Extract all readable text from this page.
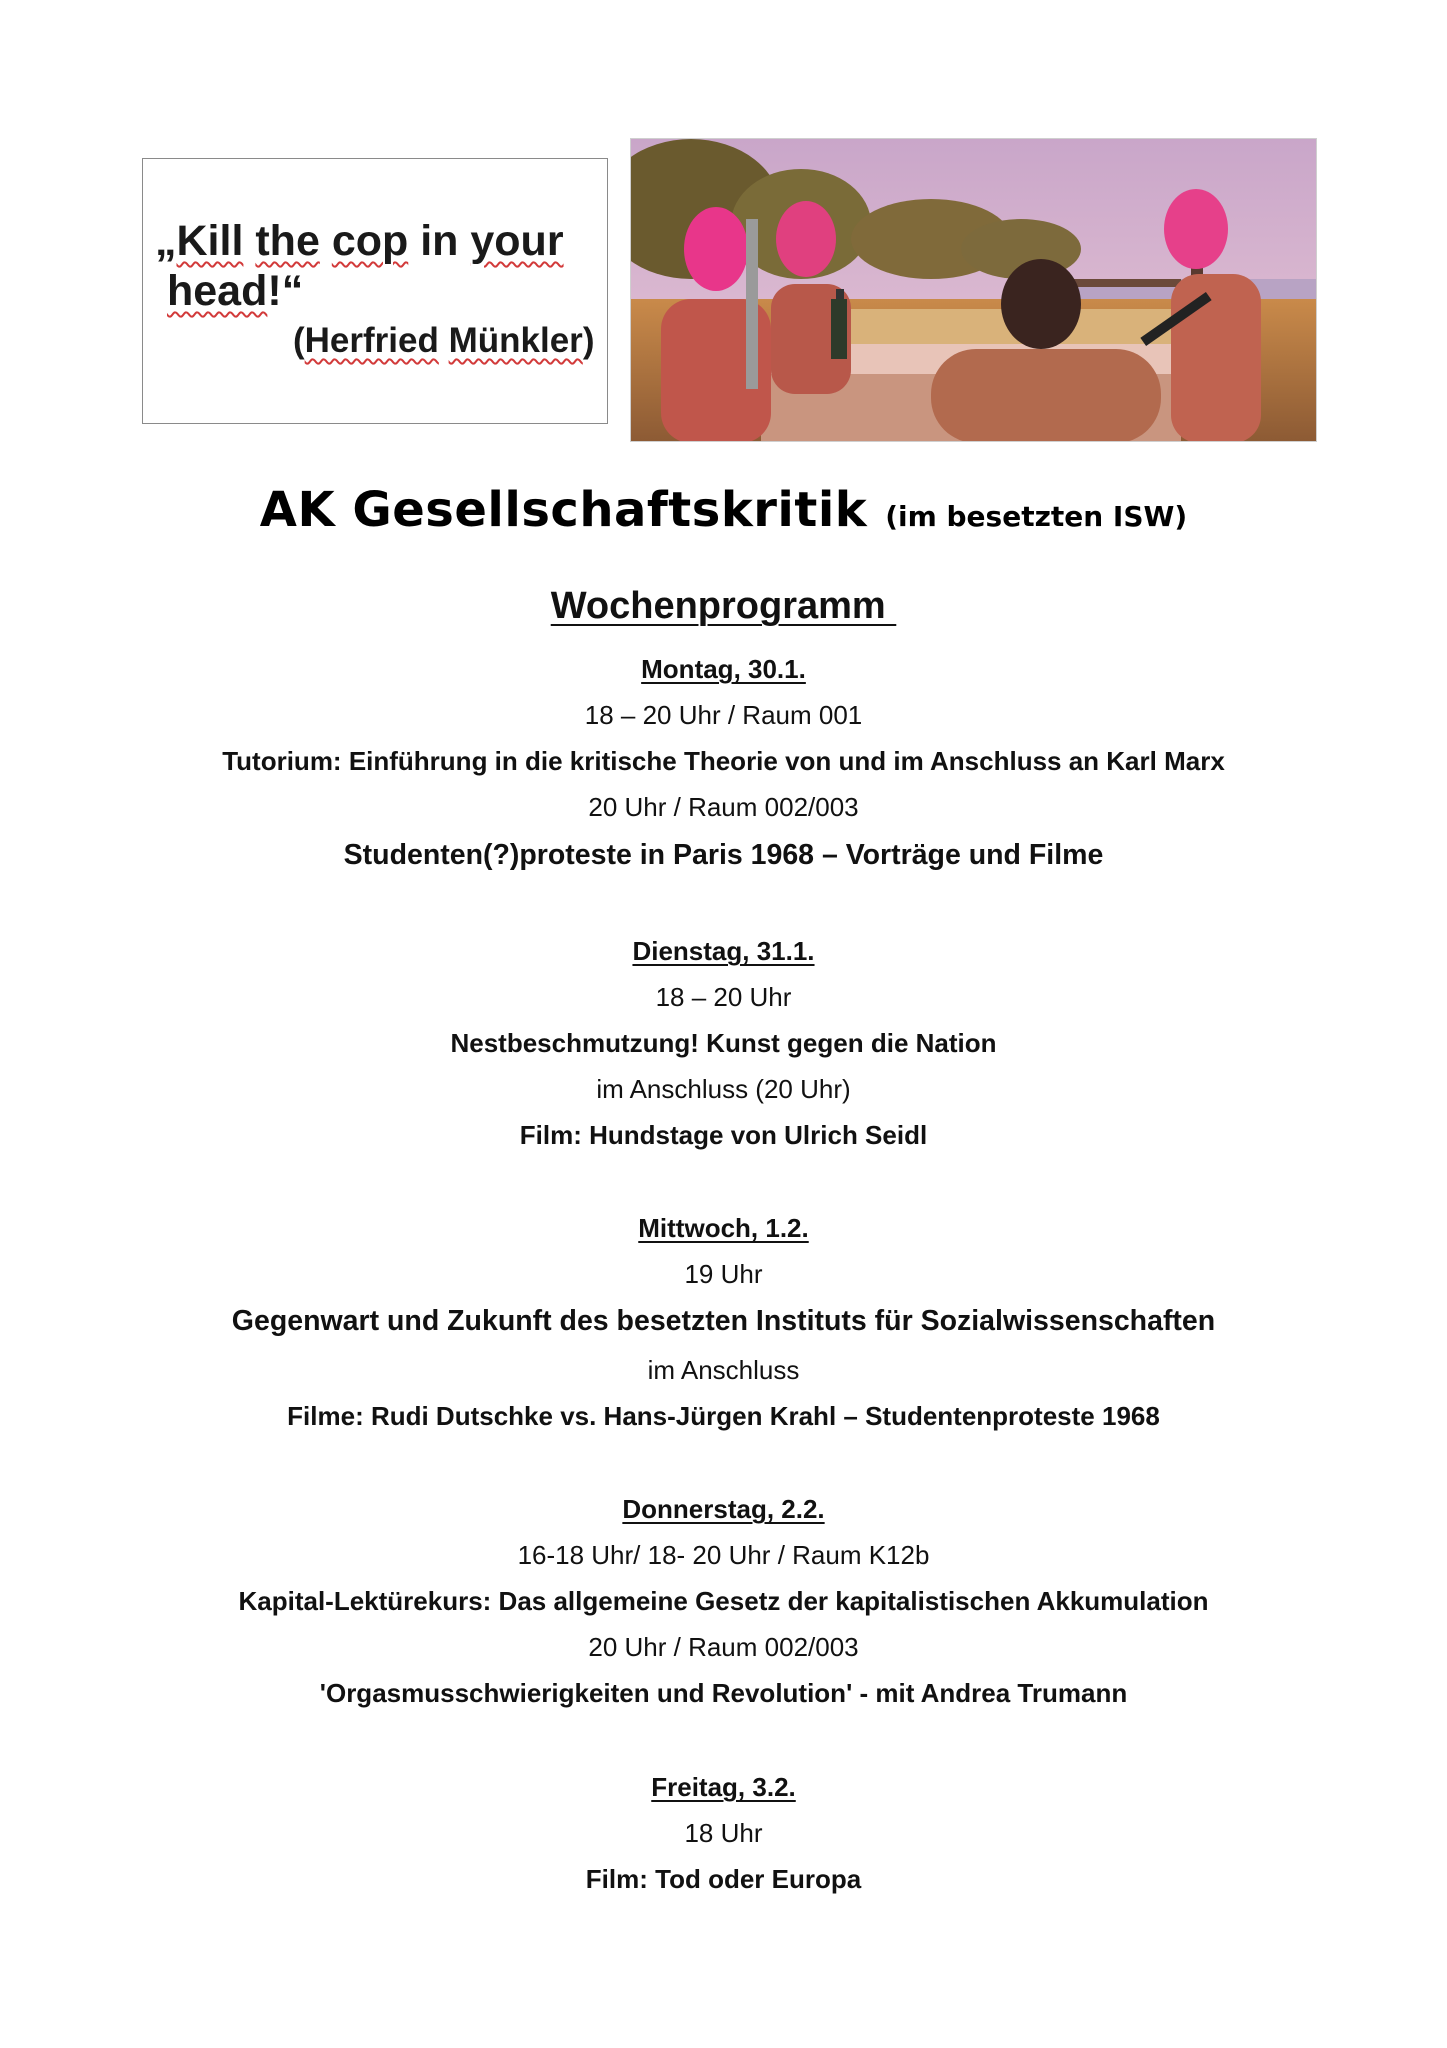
„Kill the cop in your
head!“
(Herfried Münkler)
AK Gesellschaftskritik (im besetzten ISW)
Wochenprogramm
Montag, 30.1.
18 – 20 Uhr / Raum 001
Tutorium: Einführung in die kritische Theorie von und im Anschluss an Karl Marx
20 Uhr / Raum 002/003
Studenten(?)proteste in Paris 1968 – Vorträge und Filme
Dienstag, 31.1.
18 – 20 Uhr
Nestbeschmutzung! Kunst gegen die Nation
im Anschluss (20 Uhr)
Film: Hundstage von Ulrich Seidl
Mittwoch, 1.2.
19 Uhr
Gegenwart und Zukunft des besetzten Instituts für Sozialwissenschaften
im Anschluss
Filme: Rudi Dutschke vs. Hans-Jürgen Krahl – Studentenproteste 1968
Donnerstag, 2.2.
16-18 Uhr/ 18- 20 Uhr / Raum K12b
Kapital-Lektürekurs: Das allgemeine Gesetz der kapitalistischen Akkumulation
20 Uhr / Raum 002/003
'Orgasmusschwierigkeiten und Revolution' - mit Andrea Trumann
Freitag, 3.2.
18 Uhr
Film: Tod oder Europa
